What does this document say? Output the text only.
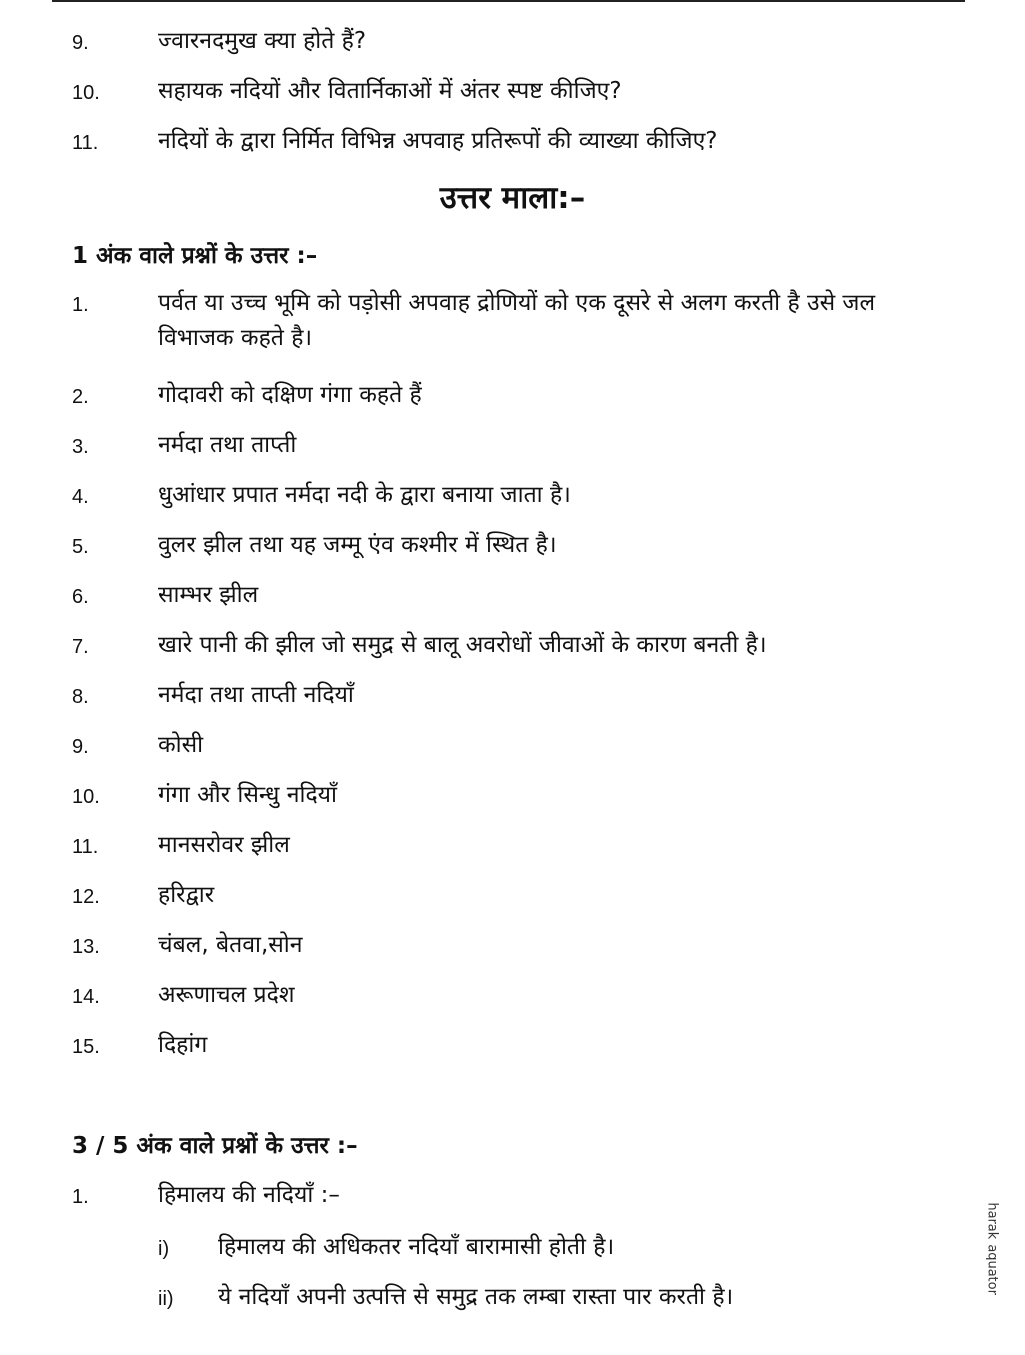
9.	ज्वारनदमुख क्या होते हैं?
10.	सहायक नदियों और वितार्निकाओं में अंतर स्पष्ट कीजिए?
11.	नदियों के द्वारा निर्मित विभिन्न अपवाह प्रतिरूपों की व्याख्या कीजिए?
उत्तर माला:–
1 अंक वाले प्रश्नों के उत्तर :–
1.	पर्वत या उच्च भूमि को पड़ोसी अपवाह द्रोणियों को एक दूसरे से अलग करती है उसे जल विभाजक कहते है।
2.	गोदावरी को दक्षिण गंगा कहते हैं
3.	नर्मदा तथा ताप्ती
4.	धुआंधार प्रपात नर्मदा नदी के द्वारा बनाया जाता है।
5.	वुलर झील तथा यह जम्मू एंव कश्मीर में स्थित है।
6.	साम्भर झील
7.	खारे पानी की झील जो समुद्र से बालू अवरोधों जीवाओं के कारण बनती है।
8.	नर्मदा तथा ताप्ती नदियाँ
9.	कोसी
10.	गंगा और सिन्धु नदियाँ
11.	मानसरोवर झील
12.	हरिद्वार
13.	चंबल, बेतवा,सोन
14.	अरूणाचल प्रदेश
15.	दिहांग
3 / 5 अंक वाले प्रश्नों के उत्तर :–
1.	हिमालय की नदियाँ :–
i) हिमालय की अधिकतर नदियाँ बारामासी होती है।
ii) ये नदियाँ अपनी उत्पत्ति से समुद्र तक लम्बा रास्ता पार करती है।
ɹoʇɐnbɐ ʞɐɹɐɥ
